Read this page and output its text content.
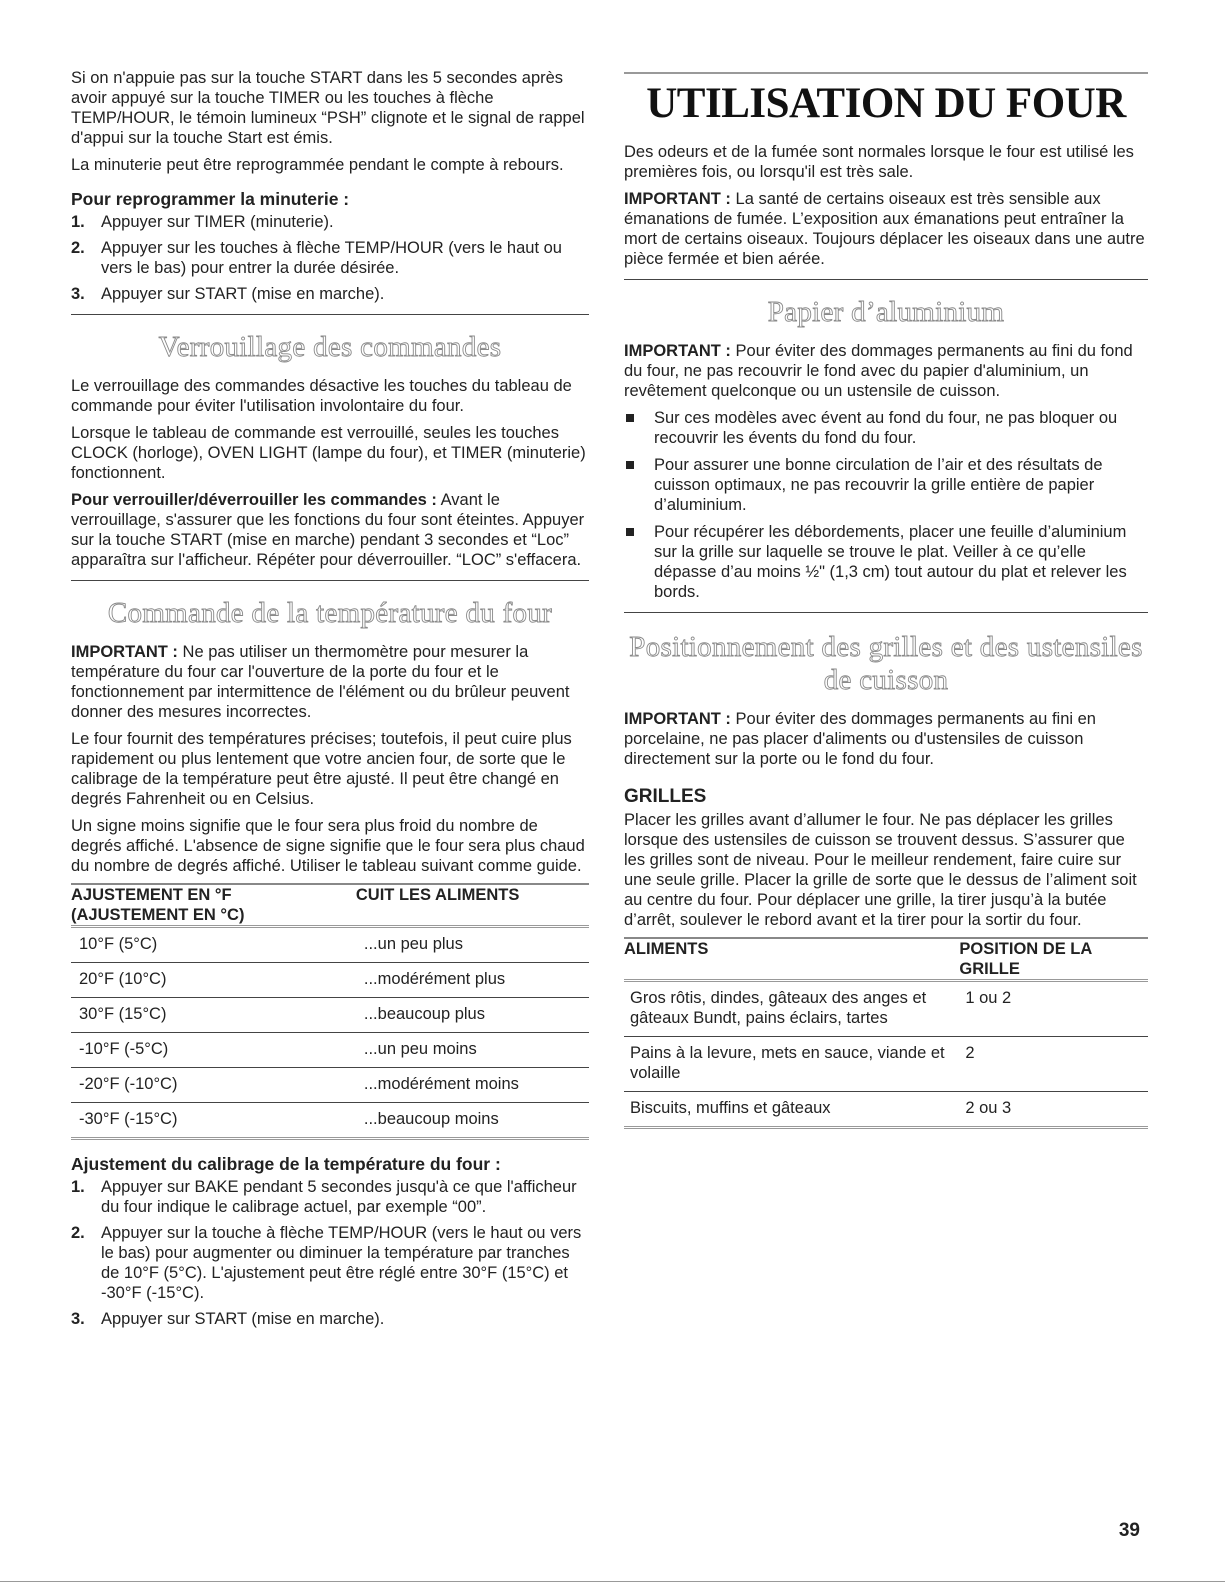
Si on n'appuie pas sur la touche START dans les 5 secondes après avoir appuyé sur la touche TIMER ou les touches à flèche TEMP/HOUR, le témoin lumineux “PSH” clignote et le signal de rappel d'appui sur la touche Start est émis.

La minuterie peut être reprogrammée pendant le compte à rebours.

Pour reprogrammer la minuterie :
1. Appuyer sur TIMER (minuterie).
2. Appuyer sur les touches à flèche TEMP/HOUR (vers le haut ou vers le bas) pour entrer la durée désirée.
3. Appuyer sur START (mise en marche).
Verrouillage des commandes

Le verrouillage des commandes désactive les touches du tableau de commande pour éviter l'utilisation involontaire du four.

Lorsque le tableau de commande est verrouillé, seules les touches CLOCK (horloge), OVEN LIGHT (lampe du four), et TIMER (minuterie) fonctionnent.

Pour verrouiller/déverrouiller les commandes : Avant le verrouillage, s'assurer que les fonctions du four sont éteintes. Appuyer sur la touche START (mise en marche) pendant 3 secondes et “Loc” apparaîtra sur l'afficheur. Répéter pour déverrouiller. “LOC” s'effacera.

Commande de la température du four

IMPORTANT : Ne pas utiliser un thermomètre pour mesurer la température du four car l'ouverture de la porte du four et le fonctionnement par intermittence de l'élément ou du brûleur peuvent donner des mesures incorrectes.

Le four fournit des températures précises; toutefois, il peut cuire plus rapidement ou plus lentement que votre ancien four, de sorte que le calibrage de la température peut être ajusté. Il peut être changé en degrés Fahrenheit ou en Celsius.

Un signe moins signifie que le four sera plus froid du nombre de degrés affiché. L'absence de signe signifie que le four sera plus chaud du nombre de degrés affiché. Utiliser le tableau suivant comme guide.

AJUSTEMENT EN °F
(AJUSTEMENT EN °C)	CUIT LES ALIMENTS
10°F (5°C)	...un peu plus
20°F (10°C)	...modérément plus
30°F (15°C)	...beaucoup plus
-10°F (-5°C)	...un peu moins
-20°F (-10°C)	...modérément moins
-30°F (-15°C)	...beaucoup moins
Ajustement du calibrage de la température du four :
1. Appuyer sur BAKE pendant 5 secondes jusqu'à ce que l'afficheur du four indique le calibrage actuel, par exemple “00”.
2. Appuyer sur la touche à flèche TEMP/HOUR (vers le haut ou vers le bas) pour augmenter ou diminuer la température par tranches de 10°F (5°C). L'ajustement peut être réglé entre 30°F (15°C) et -30°F (-15°C).
3. Appuyer sur START (mise en marche).
UTILISATION DU FOUR

Des odeurs et de la fumée sont normales lorsque le four est utilisé les premières fois, ou lorsqu'il est très sale.

IMPORTANT : La santé de certains oiseaux est très sensible aux émanations de fumée. L’exposition aux émanations peut entraîner la mort de certains oiseaux. Toujours déplacer les oiseaux dans une autre pièce fermée et bien aérée.

Papier d’aluminium

IMPORTANT : Pour éviter des dommages permanents au fini du fond du four, ne pas recouvrir le fond avec du papier d'aluminium, un revêtement quelconque ou un ustensile de cuisson.

Sur ces modèles avec évent au fond du four, ne pas bloquer ou recouvrir les évents du fond du four.
Pour assurer une bonne circulation de l’air et des résultats de cuisson optimaux, ne pas recouvrir la grille entière de papier d’aluminium.
Pour récupérer les débordements, placer une feuille d’aluminium sur la grille sur laquelle se trouve le plat. Veiller à ce qu’elle dépasse d’au moins ½" (1,3 cm) tout autour du plat et relever les bords.
Positionnement des grilles et des ustensiles de cuisson

IMPORTANT : Pour éviter des dommages permanents au fini en porcelaine, ne pas placer d'aliments ou d'ustensiles de cuisson directement sur la porte ou le fond du four.

GRILLES

Placer les grilles avant d’allumer le four. Ne pas déplacer les grilles lorsque des ustensiles de cuisson se trouvent dessus. S’assurer que les grilles sont de niveau. Pour le meilleur rendement, faire cuire sur une seule grille. Placer la grille de sorte que le dessus de l’aliment soit au centre du four. Pour déplacer une grille, la tirer jusqu’à la butée d’arrêt, soulever le rebord avant et la tirer pour la sortir du four.

ALIMENTS	POSITION DE LA GRILLE
Gros rôtis, dindes, gâteaux des anges et gâteaux Bundt, pains éclairs, tartes	1 ou 2
Pains à la levure, mets en sauce, viande et volaille	2
Biscuits, muffins et gâteaux	2 ou 3
39
